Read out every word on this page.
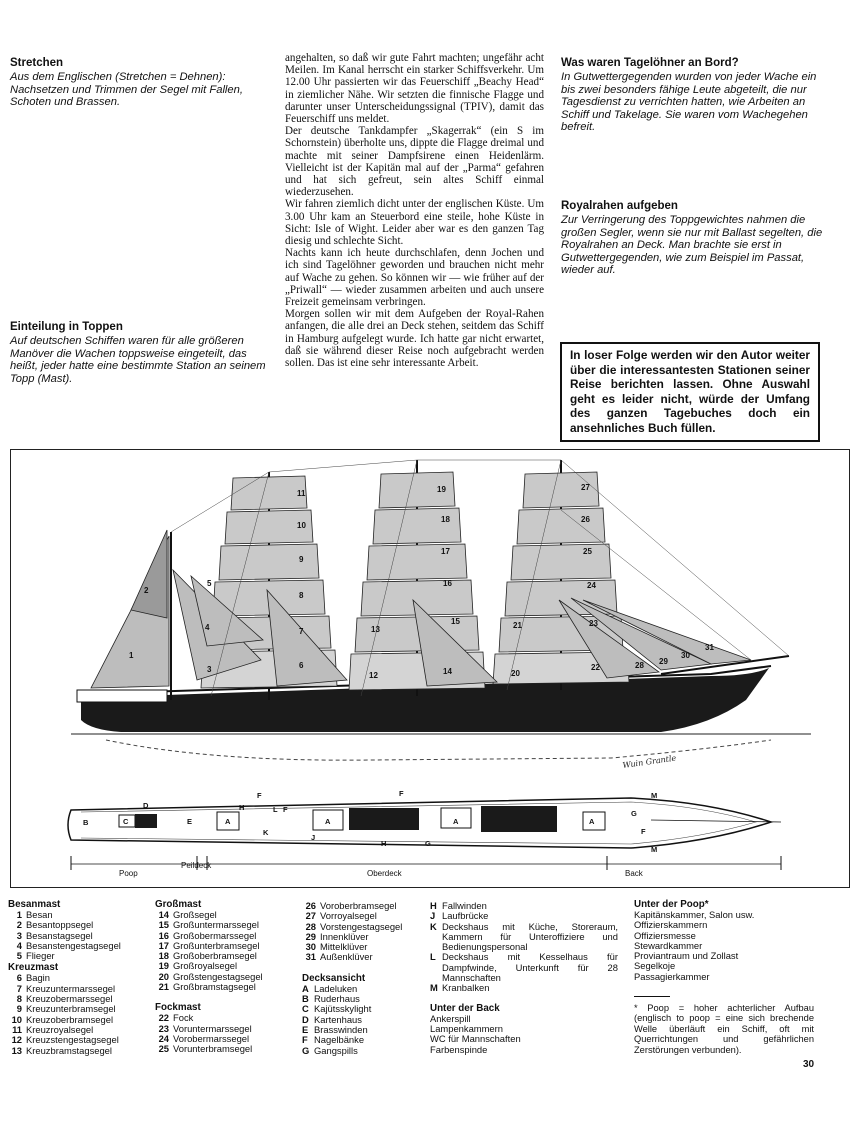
Stretchen

Aus dem Englischen (Stretchen = Dehnen): Nachsetzen und Trimmen der Segel mit Fallen, Schoten und Brassen.

Einteilung in Toppen

Auf deutschen Schiffen waren für alle größeren Manöver die Wachen toppsweise eingeteilt, das heißt, jeder hatte eine bestimmte Station an seinem Topp (Mast).

angehalten, so daß wir gute Fahrt machten; ungefähr acht Meilen. Im Kanal herrscht ein starker Schiffsverkehr. Um 12.00 Uhr passierten wir das Feuerschiff „Beachy Head“ in ziemlicher Nähe. Wir setzten die finnische Flagge und darunter unser Unterscheidungssignal (TPIV), damit das Feuerschiff uns meldet.

Der deutsche Tankdampfer „Skagerrak“ (ein S im Schornstein) überholte uns, dippte die Flagge dreimal und machte mit seiner Dampfsirene einen Heidenlärm. Vielleicht ist der Kapitän mal auf der „Parma“ gefahren und hat sich gefreut, sein altes Schiff einmal wiederzusehen.

Wir fahren ziemlich dicht unter der englischen Küste. Um 3.00 Uhr kam an Steuerbord eine steile, hohe Küste in Sicht: Isle of Wight. Leider aber war es den ganzen Tag diesig und schlechte Sicht.

Nachts kann ich heute durchschlafen, denn Jochen und ich sind Tagelöhner geworden und brauchen nicht mehr auf Wache zu gehen. So können wir — wie früher auf der „Priwall“ — wieder zusammen arbeiten und auch unsere Freizeit gemeinsam verbringen.

Morgen sollen wir mit dem Aufgeben der Royal-Rahen anfangen, die alle drei an Deck stehen, seitdem das Schiff in Hamburg aufgelegt wurde. Ich hatte gar nicht erwartet, daß sie während dieser Reise noch aufgebracht werden sollen. Das ist eine sehr interessante Arbeit.

Was waren Tagelöhner an Bord?

In Gutwettergegenden wurden von jeder Wache ein bis zwei besonders fähige Leute abgeteilt, die nur Tagesdienst zu verrichten hatten, wie Arbeiten an Schiff und Takelage. Sie waren vom Wachegehen befreit.

Royalrahen aufgeben

Zur Verringerung des Toppgewichtes nahmen die großen Segler, wenn sie nur mit Ballast segelten, die Royalrahen an Deck. Man brachte sie erst in Gutwettergegenden, wie zum Beispiel im Passat, wieder auf.

In loser Folge werden wir den Autor weiter über die interessantesten Stationen seiner Reise berichten lassen. Ohne Auswahl geht es leider nicht, würde der Umfang des ganzen Tagebuches doch ein ansehnliches Buch füllen.
1
2
3
4
5
6
7
8
9
10
11
12
13
14
15
16
17
18
19
20
21
22
23
24
25
26
27
28 29
30
31
Wuin Grantle
B	C
D
E	A
H
F
L F
K
J
A
F
A
H	G
A
G
F
M
M
Poop
Peildeck
Oberdeck	Back
Besanmast
1 Besan
2 Besantoppsegel
3 Besanstagsegel
4 Besanstengestagsegel
5 Flieger
Kreuzmast
6 Bagin
7 Kreuzuntermarssegel
8 Kreuzobermarssegel
9 Kreuzunterbramsegel
10 Kreuzoberbramsegel
11 Kreuzroyalsegel
12 Kreuzstengestagsegel
13 Kreuzbramstagsegel
Großmast
14 Großsegel
15 Großuntermarssegel
16 Großobermarssegel
17 Großunterbramsegel
18 Großoberbramsegel
19 Großroyalsegel
20 Großstengestagsegel
21 Großbramstagsegel
Fockmast
22 Fock
23 Voruntermarssegel
24 Vorobermarssegel
25 Vorunterbramsegel
26 Voroberbramsegel
27 Vorroyalsegel
28 Vorstengestagsegel
29 Innenklüver
30 Mittelklüver
31 Außenklüver
Decksansicht
A Ladeluken
B Ruderhaus
C Kajütsskylight
D Kartenhaus
E Brasswinden
F Nagelbänke
G Gangspills
H Fallwinden
J Laufbrücke
K Deckshaus mit Küche, Storeraum, Kammern für Unteroffiziere und Bedienungspersonal
L Deckshaus mit Kesselhaus für Dampfwinde, Unterkunft für 28 Mannschaften
M Kranbalken
Unter der Back
Ankerspill
Lampenkammern
WC für Mannschaften
Farbenspinde
Unter der Poop*
Kapitänskammer, Salon usw.
Offizierskammern
Offiziersmesse
Stewardkammer
Proviantraum und Zollast
Segelkoje
Passagierkammer
* Poop = hoher achterlicher Aufbau (englisch to poop = eine sich brechende Welle überläuft ein Schiff, oft mit Querrichtungen und gefährlichen Zerstörungen verbunden).
30
